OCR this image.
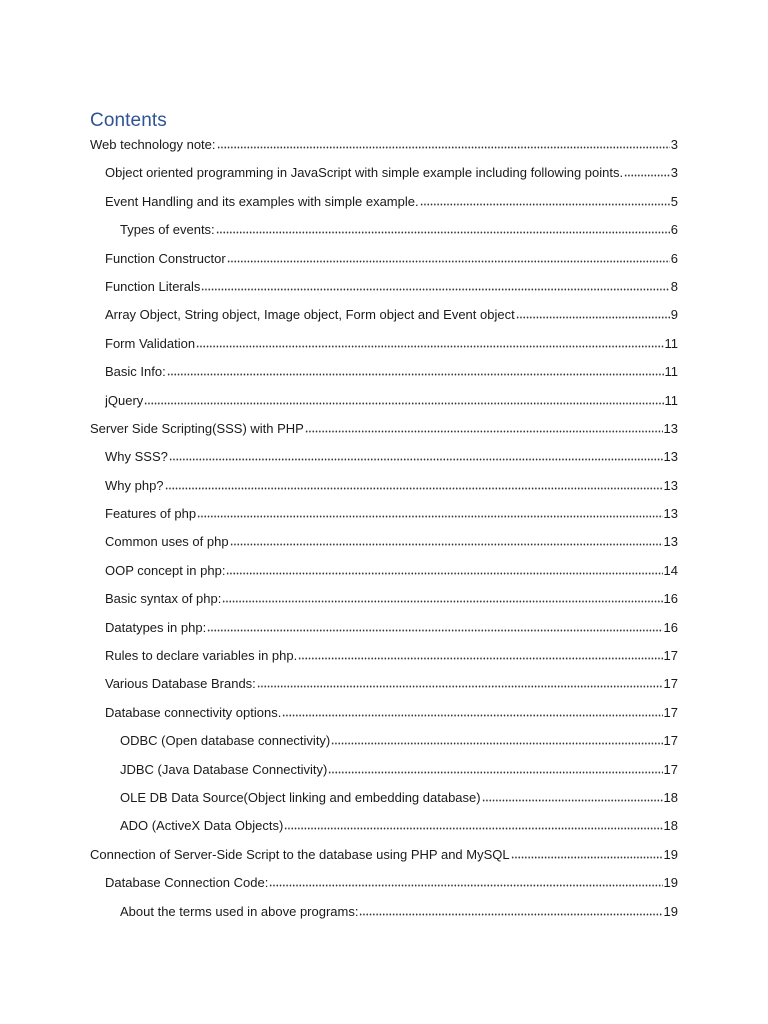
Contents
Web technology note:	3
Object oriented programming in JavaScript with simple example including following points.	3
Event Handling and its examples with simple example.	5
Types of events:	6
Function Constructor	6
Function Literals	8
Array Object, String object, Image object, Form object and Event object	9
Form Validation	11
Basic Info:	11
jQuery	11
Server Side Scripting(SSS) with PHP	13
Why SSS?	13
Why php?	13
Features of php	13
Common uses of php	13
OOP concept in php:	14
Basic syntax of php:	16
Datatypes in php:	16
Rules to declare variables in php.	17
Various Database Brands:	17
Database connectivity options.	17
ODBC (Open database connectivity)	17
JDBC (Java Database Connectivity)	17
OLE DB Data Source(Object linking and embedding database)	18
ADO (ActiveX Data Objects)	18
Connection of Server-Side Script to the database using PHP and MySQL	19
Database Connection Code:	19
About the terms used in above programs:	19
